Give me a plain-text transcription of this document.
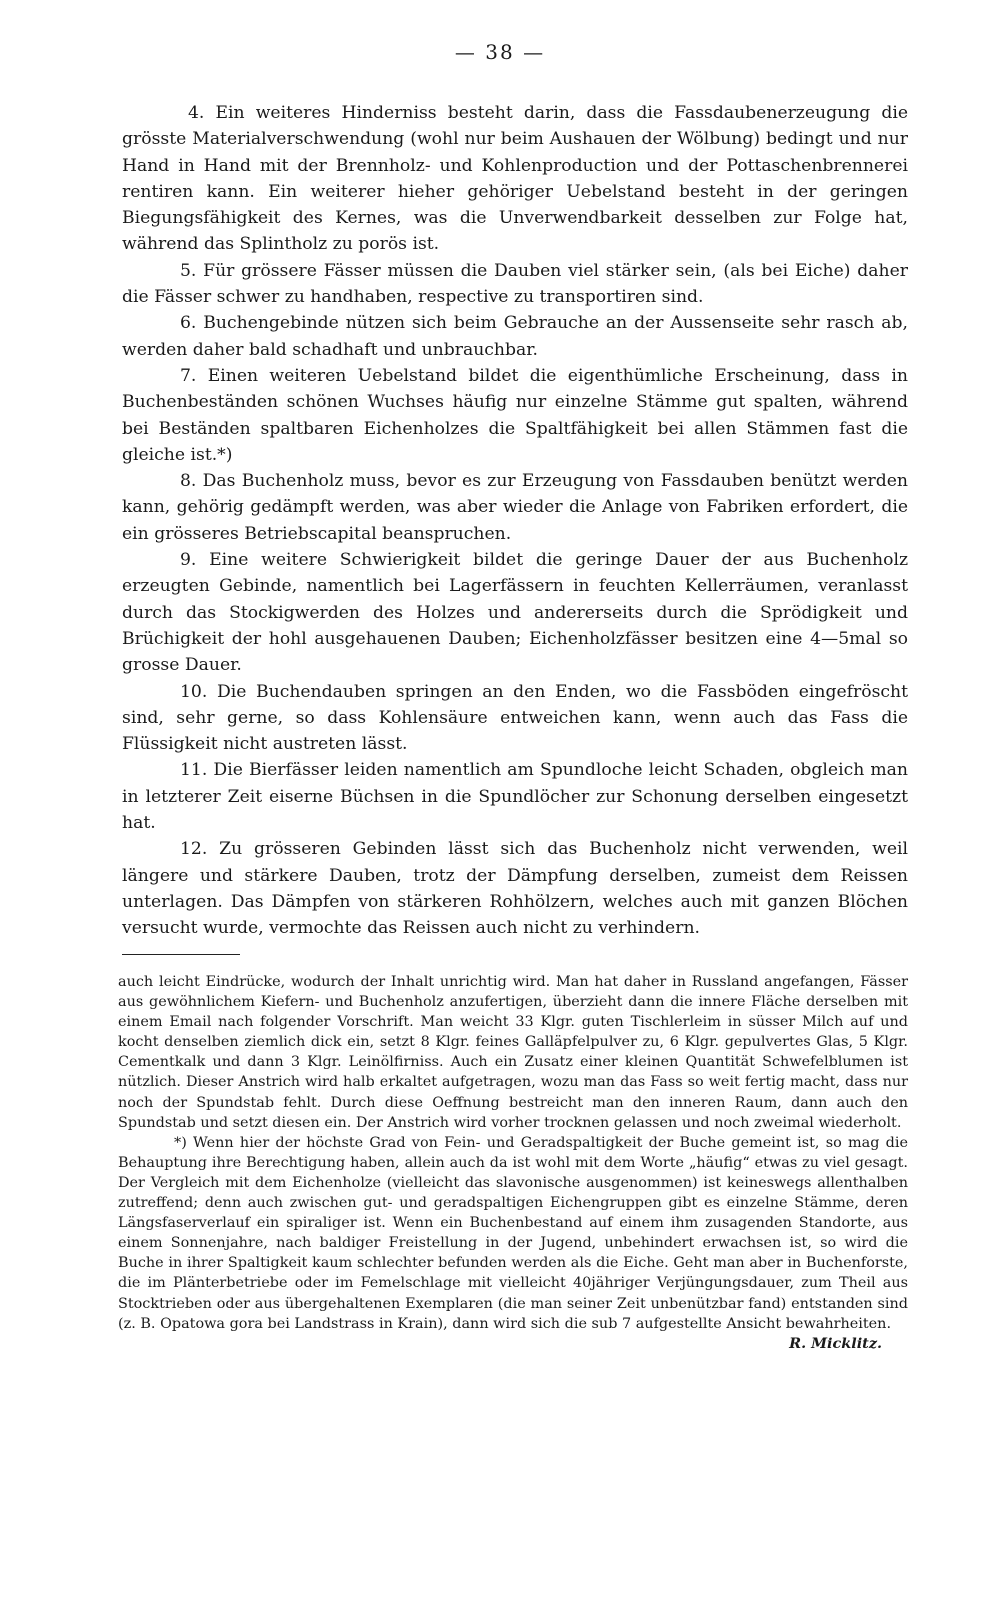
— 38 —

4. Ein weiteres Hinderniss besteht darin, dass die Fassdaubenerzeugung die grösste Materialverschwendung (wohl nur beim Aushauen der Wölbung) bedingt und nur Hand in Hand mit der Brennholz- und Kohlenproduction und der Pottaschenbrennerei rentiren kann. Ein weiterer hieher gehöriger Uebelstand besteht in der geringen Biegungsfähigkeit des Kernes, was die Unverwendbarkeit desselben zur Folge hat, während das Splintholz zu porös ist.

5. Für grössere Fässer müssen die Dauben viel stärker sein, (als bei Eiche) daher die Fässer schwer zu handhaben, respective zu transportiren sind.

6. Buchengebinde nützen sich beim Gebrauche an der Aussenseite sehr rasch ab, werden daher bald schadhaft und unbrauchbar.

7. Einen weiteren Uebelstand bildet die eigenthümliche Erscheinung, dass in Buchenbeständen schönen Wuchses häufig nur einzelne Stämme gut spalten, während bei Beständen spaltbaren Eichenholzes die Spaltfähigkeit bei allen Stämmen fast die gleiche ist.*)

8. Das Buchenholz muss, bevor es zur Erzeugung von Fassdauben benützt werden kann, gehörig gedämpft werden, was aber wieder die Anlage von Fabriken erfordert, die ein grösseres Betriebscapital beanspruchen.

9. Eine weitere Schwierigkeit bildet die geringe Dauer der aus Buchenholz erzeugten Gebinde, namentlich bei Lagerfässern in feuchten Kellerräumen, veranlasst durch das Stockigwerden des Holzes und andererseits durch die Sprödigkeit und Brüchigkeit der hohl ausgehauenen Dauben; Eichenholzfässer besitzen eine 4—5mal so grosse Dauer.

10. Die Buchendauben springen an den Enden, wo die Fassböden eingefröscht sind, sehr gerne, so dass Kohlensäure entweichen kann, wenn auch das Fass die Flüssigkeit nicht austreten lässt.

11. Die Bierfässer leiden namentlich am Spundloche leicht Schaden, obgleich man in letzterer Zeit eiserne Büchsen in die Spundlöcher zur Schonung derselben eingesetzt hat.

12. Zu grösseren Gebinden lässt sich das Buchenholz nicht verwenden, weil längere und stärkere Dauben, trotz der Dämpfung derselben, zumeist dem Reissen unterlagen. Das Dämpfen von stärkeren Rohhölzern, welches auch mit ganzen Blöchen versucht wurde, vermochte das Reissen auch nicht zu verhindern.

auch leicht Eindrücke, wodurch der Inhalt unrichtig wird. Man hat daher in Russland angefangen, Fässer aus gewöhnlichem Kiefern- und Buchenholz anzufertigen, überzieht dann die innere Fläche derselben mit einem Email nach folgender Vorschrift. Man weicht 33 Klgr. guten Tischlerleim in süsser Milch auf und kocht denselben ziemlich dick ein, setzt 8 Klgr. feines Galläpfelpulver zu, 6 Klgr. gepulvertes Glas, 5 Klgr. Cementkalk und dann 3 Klgr. Leinölfirniss. Auch ein Zusatz einer kleinen Quantität Schwefelblumen ist nützlich. Dieser Anstrich wird halb erkaltet aufgetragen, wozu man das Fass so weit fertig macht, dass nur noch der Spundstab fehlt. Durch diese Oeffnung bestreicht man den inneren Raum, dann auch den Spundstab und setzt diesen ein. Der Anstrich wird vorher trocknen gelassen und noch zweimal wiederholt.

*) Wenn hier der höchste Grad von Fein- und Geradspaltigkeit der Buche gemeint ist, so mag die Behauptung ihre Berechtigung haben, allein auch da ist wohl mit dem Worte „häufig“ etwas zu viel gesagt. Der Vergleich mit dem Eichenholze (vielleicht das slavonische ausgenommen) ist keineswegs allenthalben zutreffend; denn auch zwischen gut- und geradspaltigen Eichengruppen gibt es einzelne Stämme, deren Längsfaserverlauf ein spiraliger ist. Wenn ein Buchenbestand auf einem ihm zusagenden Standorte, aus einem Sonnenjahre, nach baldiger Freistellung in der Jugend, unbehindert erwachsen ist, so wird die Buche in ihrer Spaltigkeit kaum schlechter befunden werden als die Eiche. Geht man aber in Buchenforste, die im Plänterbetriebe oder im Femelschlage mit vielleicht 40jähriger Verjüngungsdauer, zum Theil aus Stocktrieben oder aus übergehaltenen Exemplaren (die man seiner Zeit unbenützbar fand) entstanden sind (z. B. Opatowa gora bei Landstrass in Krain), dann wird sich die sub 7 aufgestellte Ansicht bewahrheiten.
R. Micklitz.
